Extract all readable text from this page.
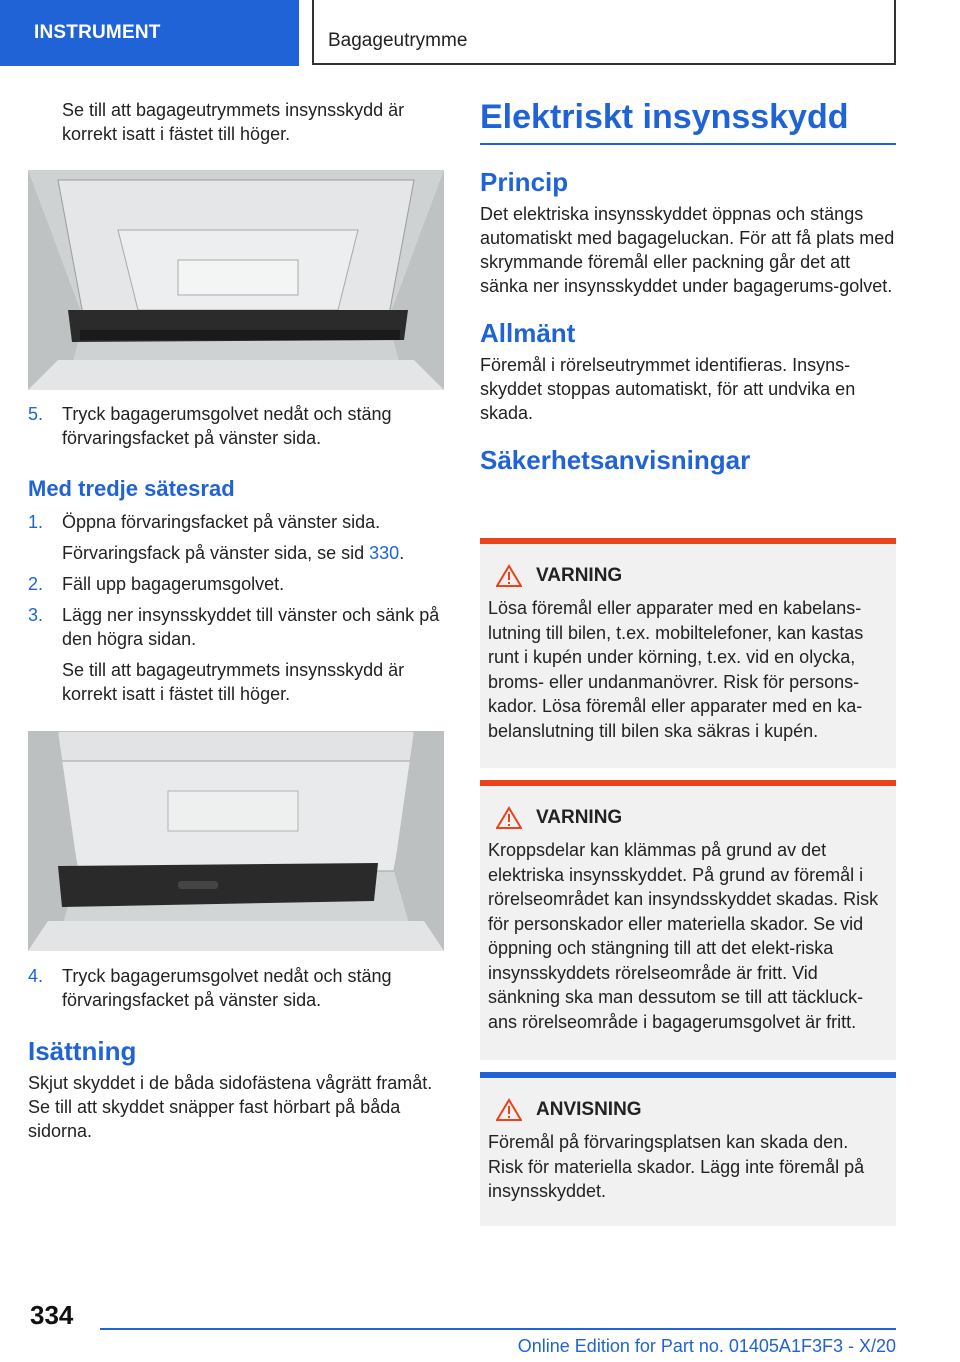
INSTRUMENT	Bagageutrymme

Se till att bagageutrymmets insynsskydd är korrekt isatt i fästet till höger.

5.	Tryck bagagerumsgolvet nedåt och stäng förvaringsfacket på vänster sida.

Med tredje sätesrad

1.	Öppna förvaringsfacket på vänster sida.

Förvaringsfack på vänster sida, se sid 330.

2.	Fäll upp bagagerumsgolvet.
3.	Lägg ner insynsskyddet till vänster och sänk på den högra sidan.

Se till att bagageutrymmets insynsskydd är korrekt isatt i fästet till höger.

4.	Tryck bagagerumsgolvet nedåt och stäng förvaringsfacket på vänster sida.

Isättning

Skjut skyddet i de båda sidofästena vågrätt framåt. Se till att skyddet snäpper fast hörbart på båda sidorna.

Elektriskt insynsskydd

Princip

Det elektriska insynsskyddet öppnas och stängs automatiskt med bagageluckan. För att få plats med skrymmande föremål eller packning går det att sänka ner insynsskyddet under bagagerums-golvet.

Allmänt

Föremål i rörelseutrymmet identifieras. Insyns-skyddet stoppas automatiskt, för att undvika en skada.

Säkerhetsanvisningar

VARNING
Lösa föremål eller apparater med en kabelans-lutning till bilen, t.ex. mobiltelefoner, kan kastas runt i kupén under körning, t.ex. vid en olycka, broms- eller undanmanövrer. Risk för persons-kador. Lösa föremål eller apparater med en ka-belanslutning till bilen ska säkras i kupén.
VARNING
Kroppsdelar kan klämmas på grund av det elektriska insynsskyddet. På grund av föremål i rörelseområdet kan insyndsskyddet skadas. Risk för personskador eller materiella skador. Se vid öppning och stängning till att det elekt-riska insynsskyddets rörelseområde är fritt. Vid sänkning ska man dessutom se till att täckluck-ans rörelseområde i bagagerumsgolvet är fritt.
ANVISNING
Föremål på förvaringsplatsen kan skada den. Risk för materiella skador. Lägg inte föremål på insynsskyddet.
334
Online Edition for Part no. 01405A1F3F3 - X/20
